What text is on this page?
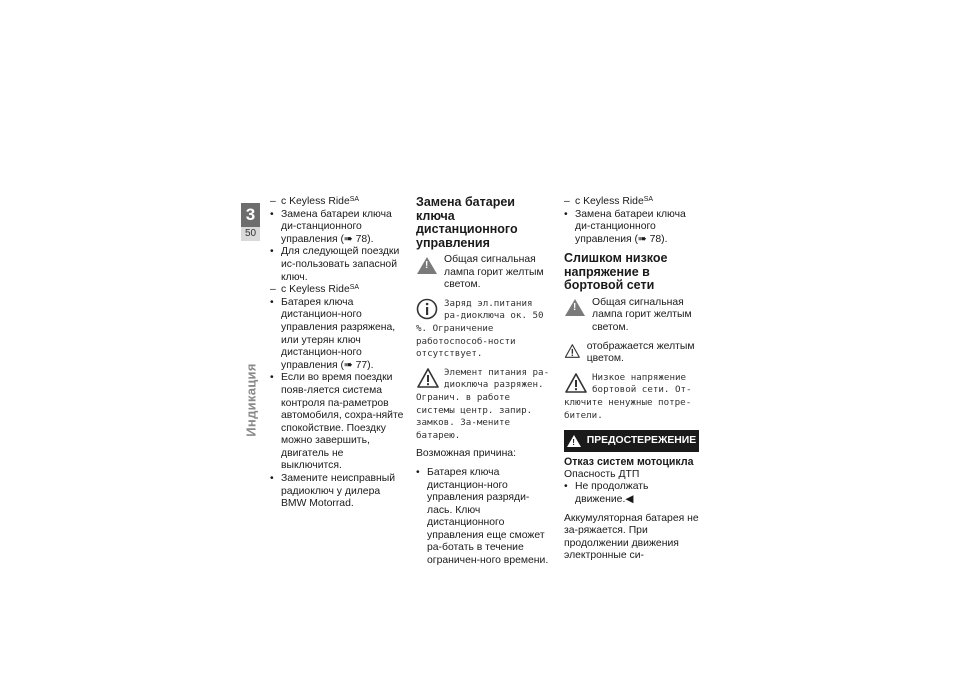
3
50
Индикация
– с Keyless Ride$^{SA}$
• Замена батареи ключа ди-станционного управления (➠ 78).
• Для следующей поездки ис-пользовать запасной ключ.
– с Keyless Ride$^{SA}$
• Батарея ключа дистанцион-ного управления разряжена, или утерян ключ дистанцион-ного управления (➠ 77).
• Если во время поездки появ-ляется система контроля па-раметров автомобиля, сохра-няйте спокойствие. Поездку можно завершить, двигатель не выключится.
• Замените неисправный радиоключ у дилера BMW Motorrad.
Замена батареи ключа дистанционного управления
!

Общая сигнальная лампа горит желтым светом.

Заряд эл.питания ра-диоключа ок. 50 %. Ограничение работоспособ-ности отсутствует.
Элемент питания ра-диоключа разряжен. Огранич. в работе системы центр. запир. замков. За-мените батарею.

Возможная причина:

• Батарея ключа дистанцион-ного управления разряди-лась. Ключ дистанционного управления еще сможет ра-ботать в течение ограничен-ного времени.
– с Keyless Ride$^{SA}$
• Замена батареи ключа ди-станционного управления (➠ 78).
Слишком низкое напряжение в бортовой сети
!

Общая сигнальная лампа горит желтым светом.

отображается желтым цветом.

Низкое напряжение бортовой сети. От-ключите ненужные потре-бители.
!
ПРЕДОСТЕРЕЖЕНИЕ
Отказ систем мотоцикла

Опасность ДТП

• Не продолжать движение.◀

Аккумуляторная батарея не за-ряжается. При продолжении движения электронные си-
